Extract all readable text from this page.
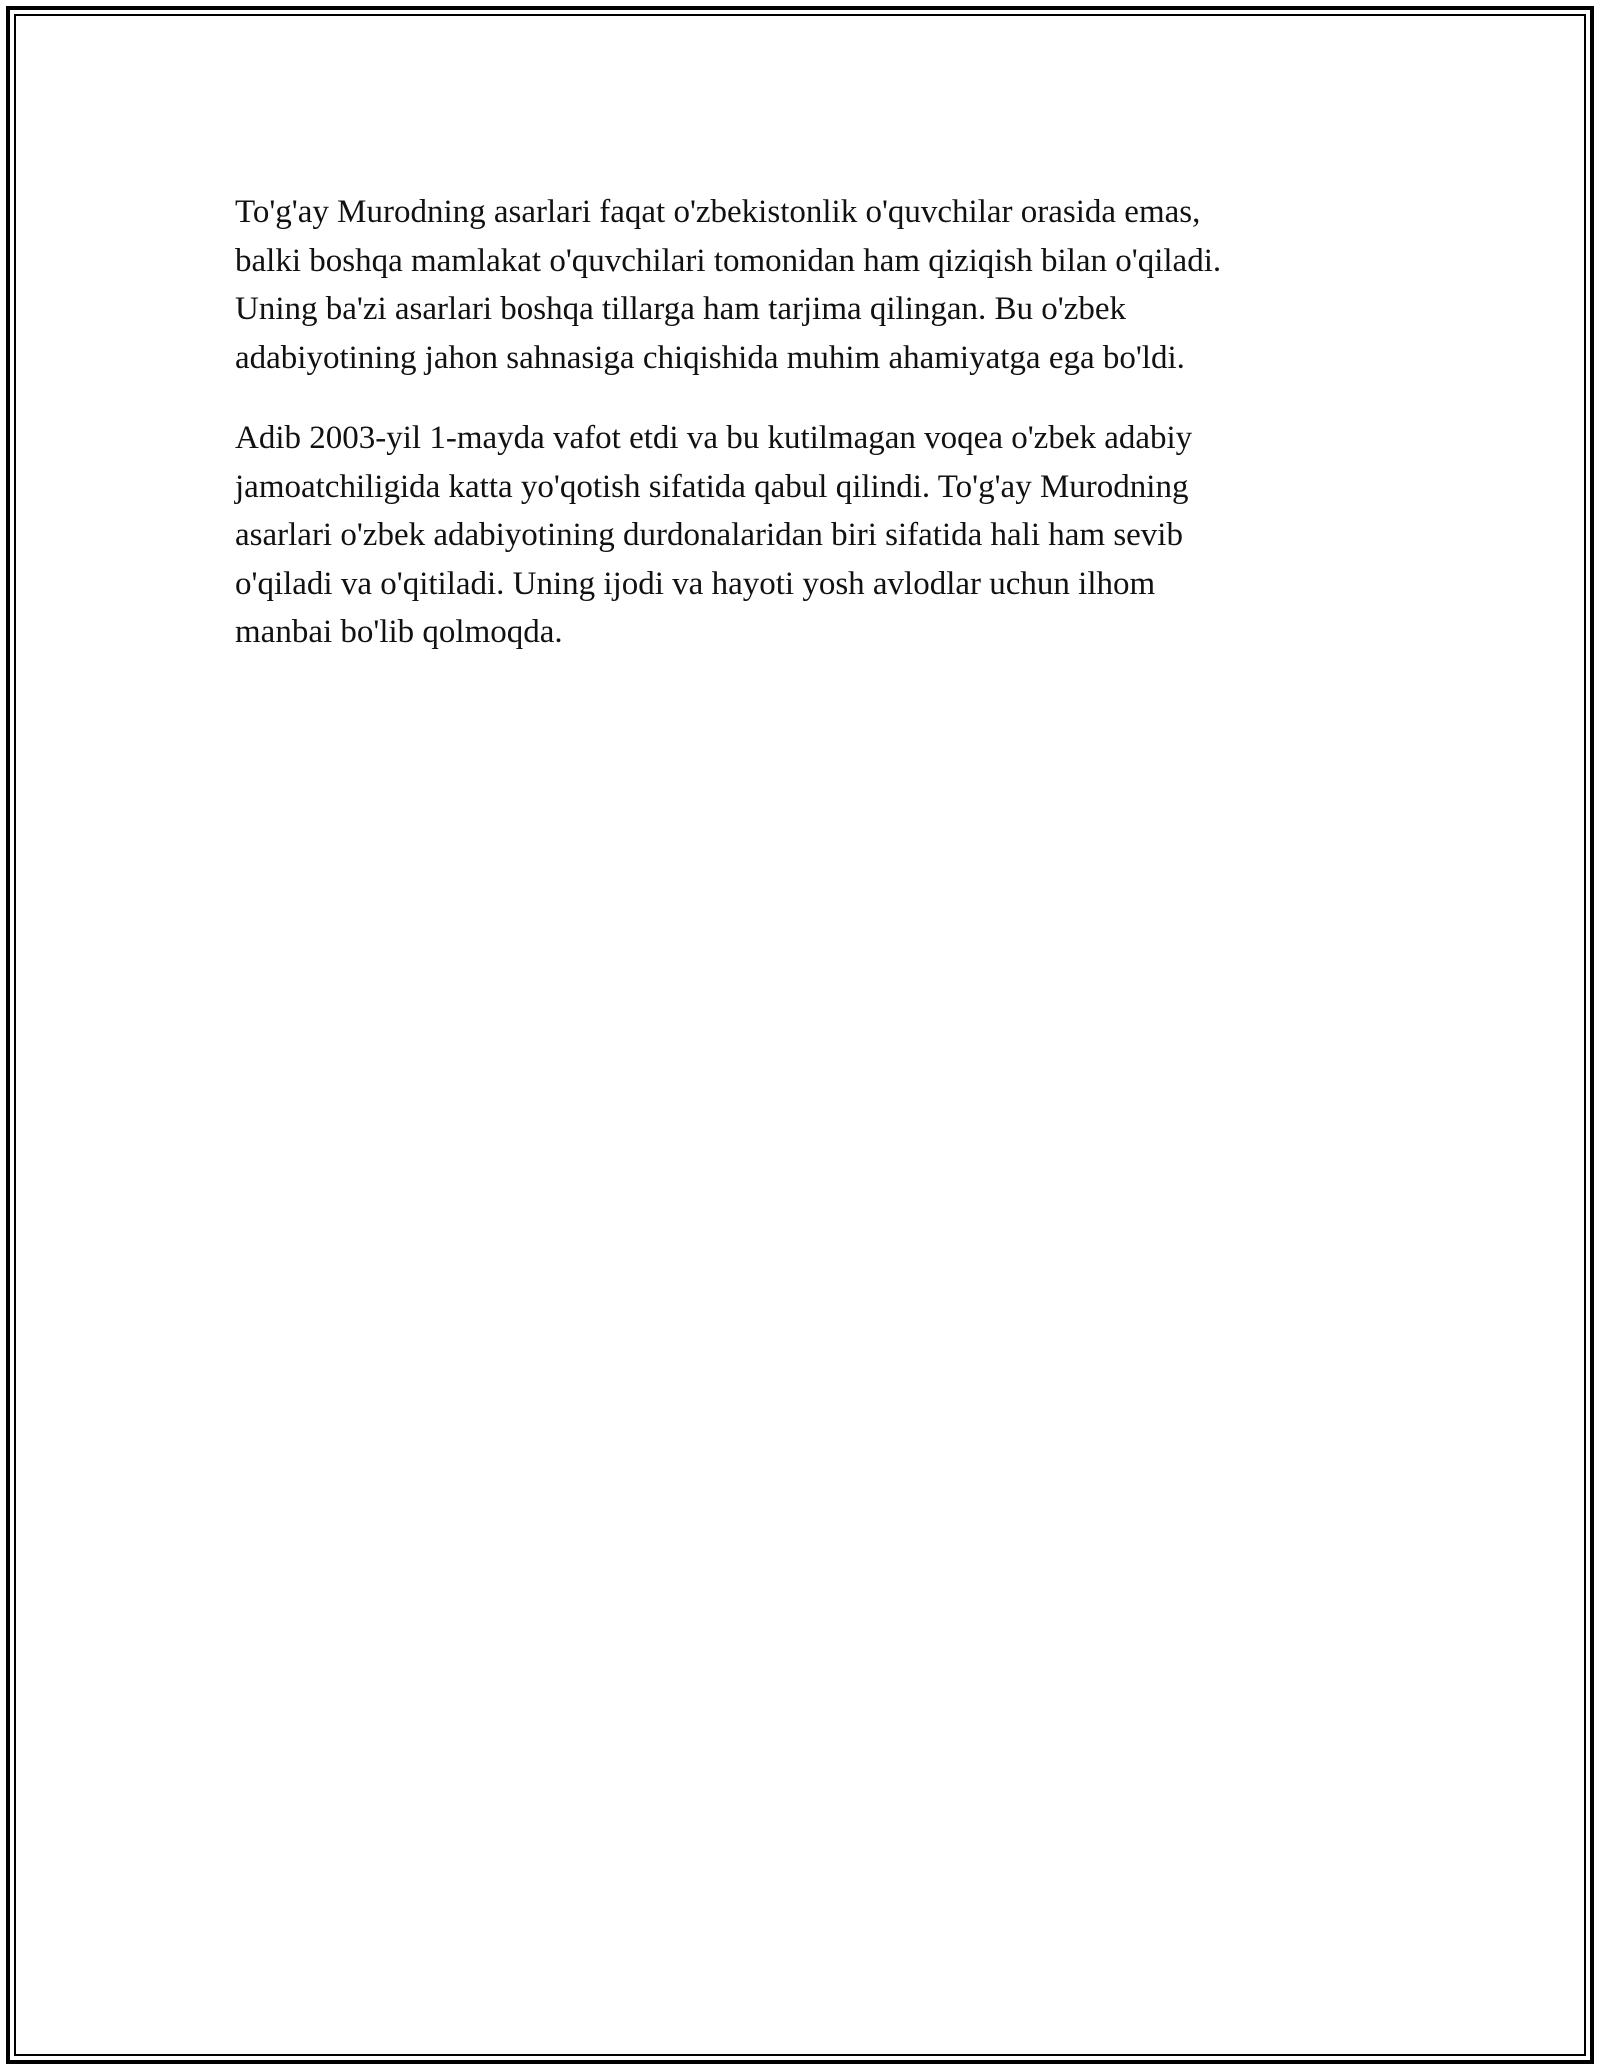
To'g'ay Murodning asarlari faqat o'zbekistonlik o'quvchilar orasida emas,
balki boshqa mamlakat o'quvchilari tomonidan ham qiziqish bilan o'qiladi.
Uning ba'zi asarlari boshqa tillarga ham tarjima qilingan. Bu o'zbek
adabiyotining jahon sahnasiga chiqishida muhim ahamiyatga ega bo'ldi.

Adib 2003-yil 1-mayda vafot etdi va bu kutilmagan voqea o'zbek adabiy
jamoatchiligida katta yo'qotish sifatida qabul qilindi. To'g'ay Murodning
asarlari o'zbek adabiyotining durdonalaridan biri sifatida hali ham sevib
o'qiladi va o'qitiladi. Uning ijodi va hayoti yosh avlodlar uchun ilhom
manbai bo'lib qolmoqda.
